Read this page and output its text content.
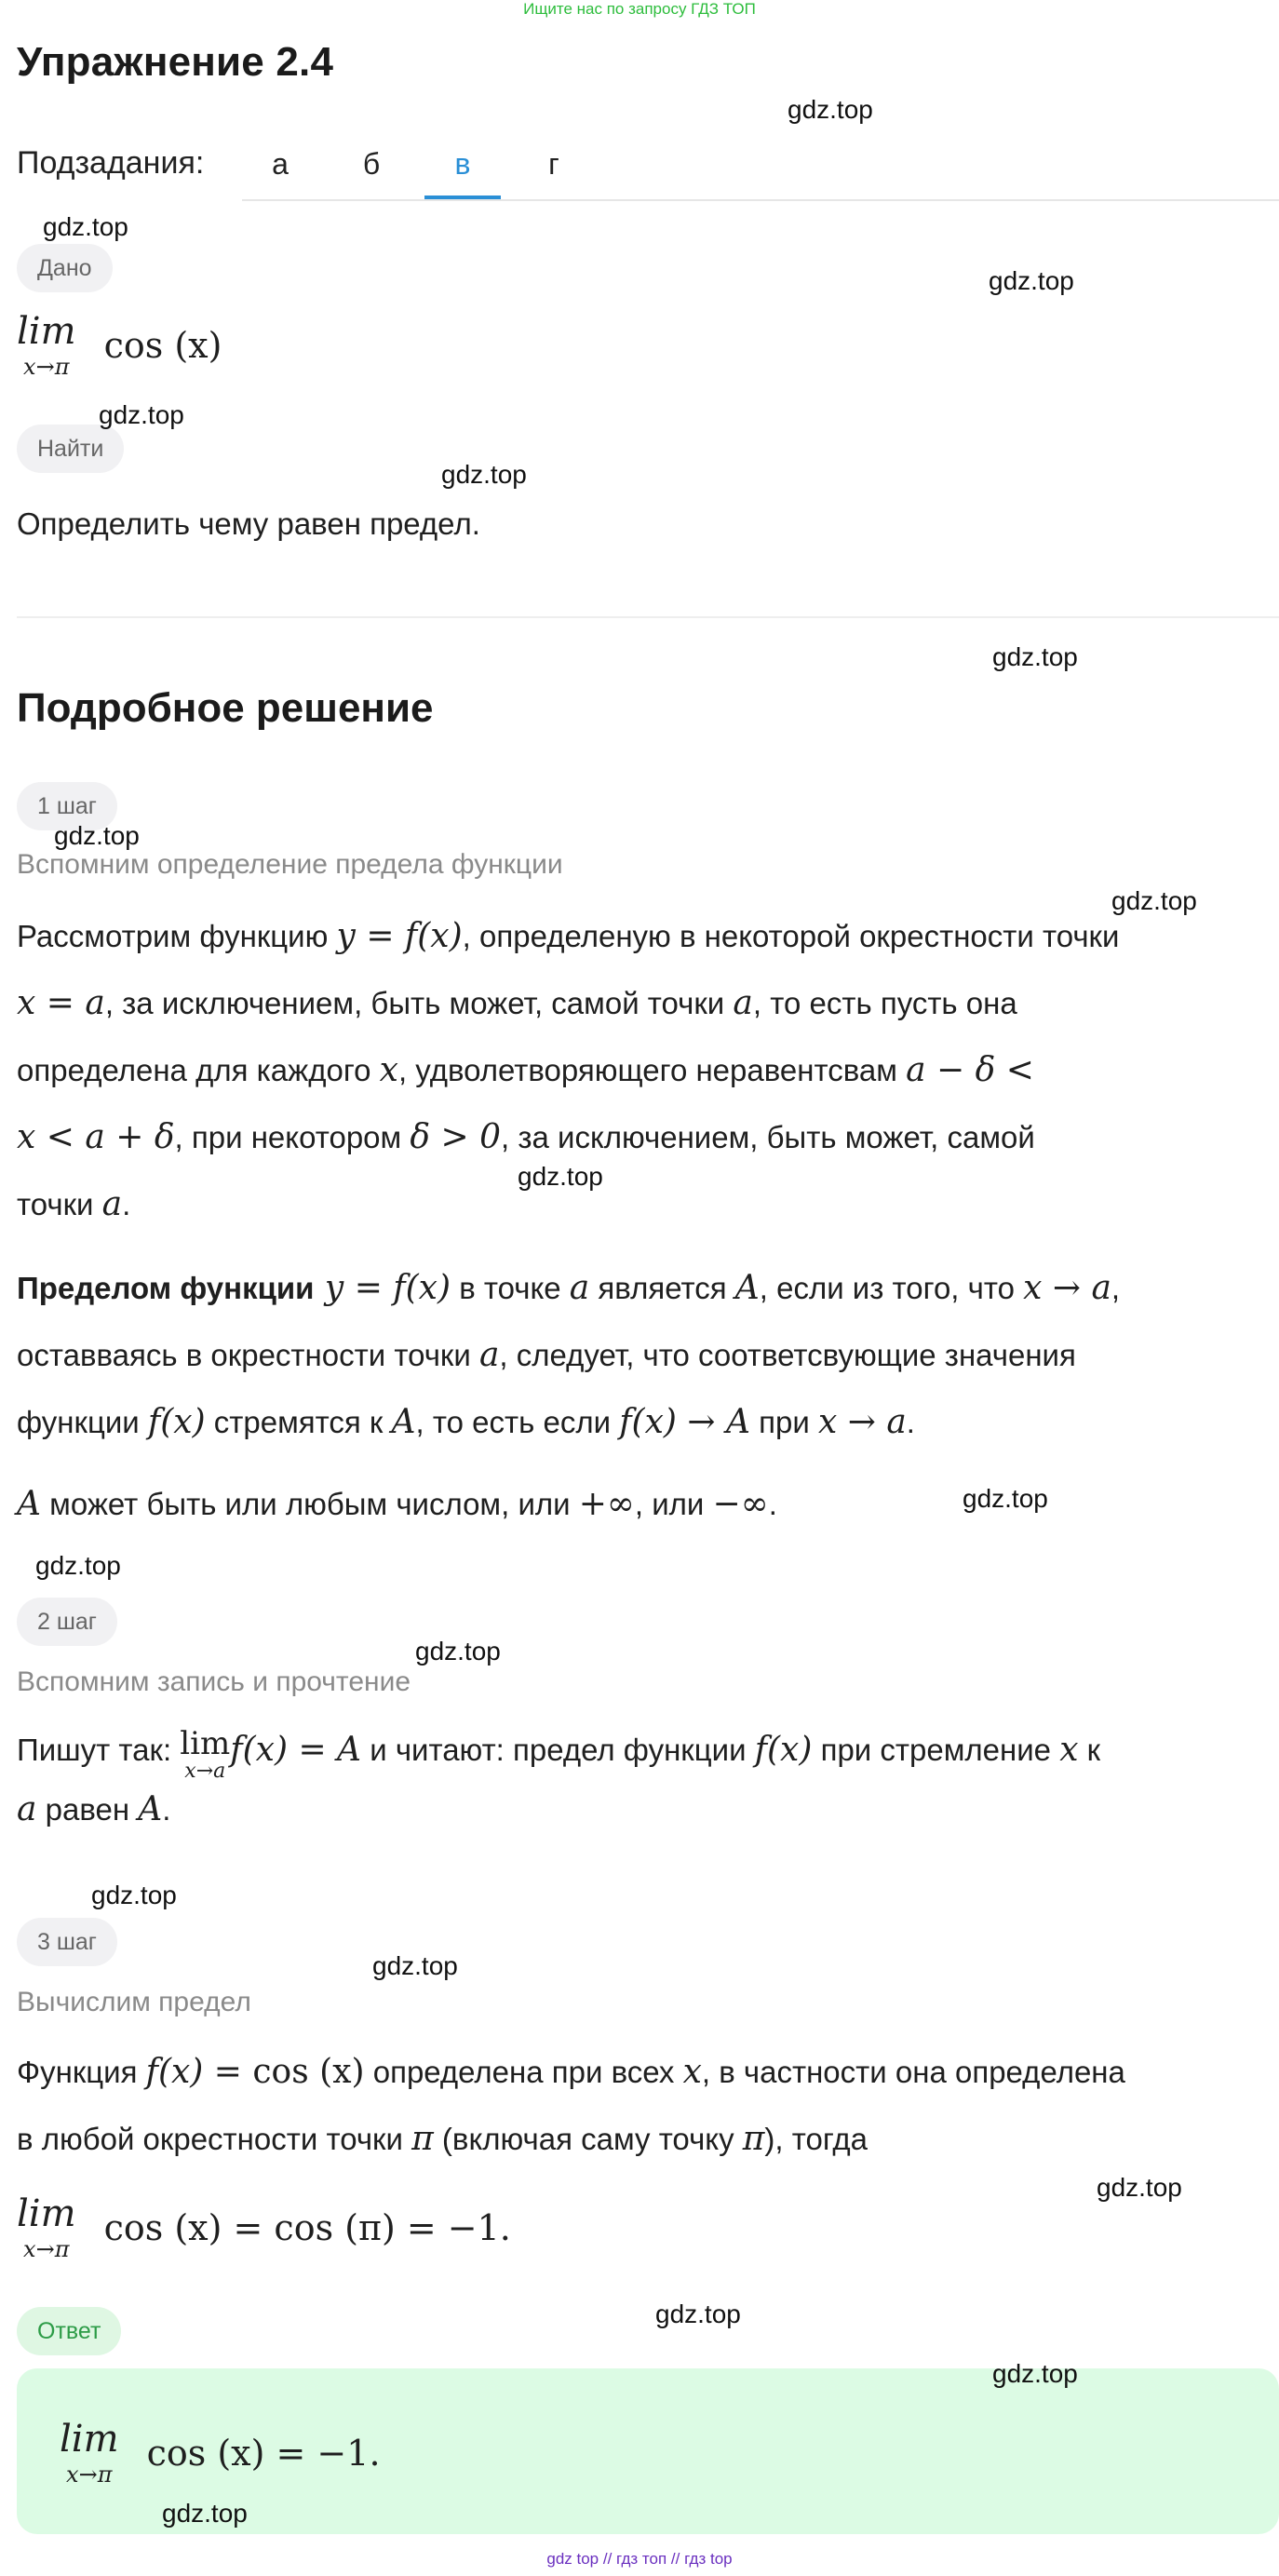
Ищите нас по запросу ГДЗ ТОП
Упражнение 2.4
Подзадания:	а	б	в	г
Дано
lim
x→π
cos (x)
Найти
Определить чему равен предел.
Подробное решение
1 шаг
Вспомним определение предела функции
Рассмотрим функцию y = f(x), определеную в некоторой окрестности точки
x = a, за исключением, быть может, самой точки a, то есть пусть она
определена для каждого x, удволетворяющего неравентсвам a − δ <
x < a + δ, при некотором δ > 0, за исключением, быть может, самой
точки a.
Пределом функции y = f(x) в точке a является A, если из того, что x → a,
оставваясь в окрестности точки a, следует, что соответсвующие значения
функции f(x) стремятся к A, то есть если f(x) → A при x → a.
A может быть или любым числом, или +∞, или −∞.
2 шаг
Вспомним запись и прочтение
Пишут так: lim
x→a
f(x) = A и читают: предел функции f(x) при стремление x к
a равен A.
3 шаг
Вычислим предел
Функция f(x) = cos (x) определена при всех x, в частности она определена
в любой окрестности точки π (включая саму точку π), тогда
lim
x→π
cos (x) = cos (π) = −1.
Ответ
lim
x→π
cos (x) = −1.
gdz.top
gdz.top
gdz.top
gdz.top
gdz.top
gdz.top
gdz.top
gdz.top
gdz.top
gdz.top
gdz.top
gdz.top
gdz.top
gdz.top
gdz.top
gdz.top
gdz.top
gdz.top
gdz top // гдз топ // гдз top
